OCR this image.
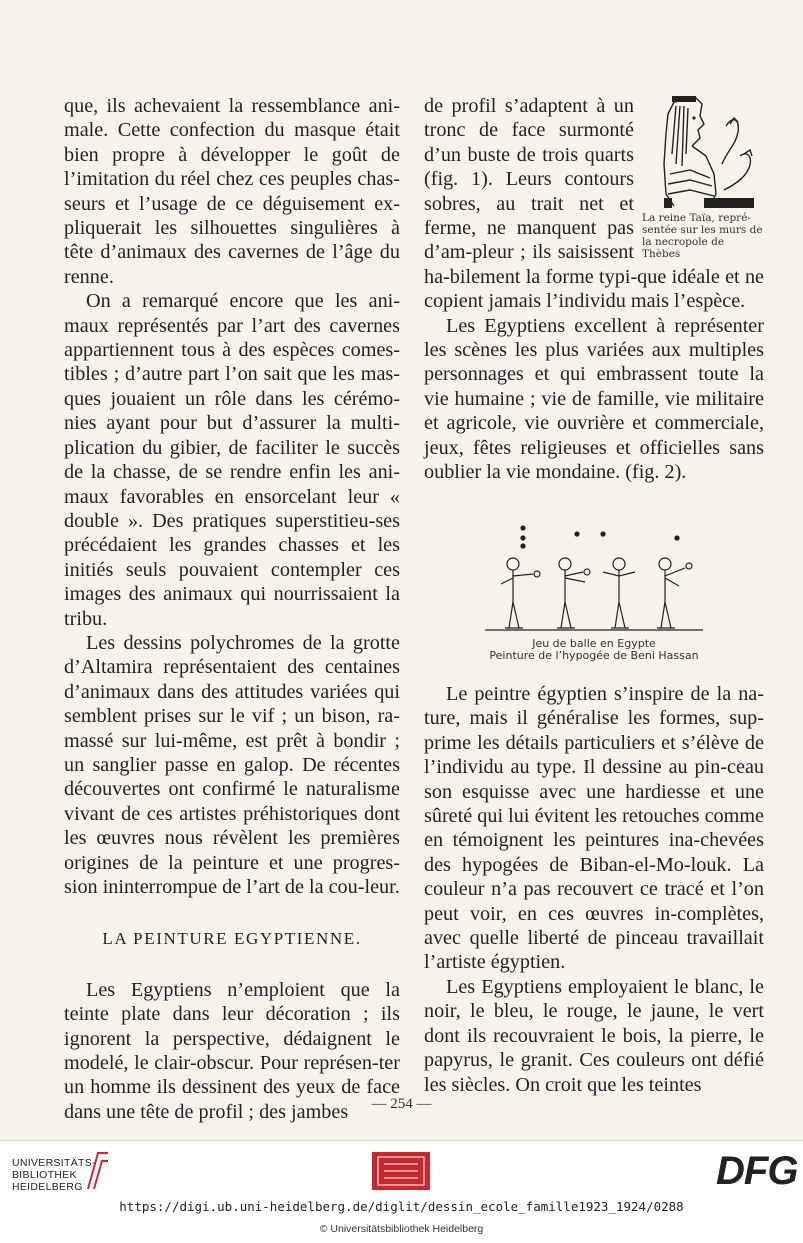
que, ils achevaient la ressemblance ani-male. Cette confection du masque était bien propre à développer le goût de l’imitation du réel chez ces peuples chas-seurs et l’usage de ce déguisement ex-pliquerait les silhouettes singulières à tête d’animaux des cavernes de l’âge du renne.

On a remarqué encore que les ani-maux représentés par l’art des cavernes appartiennent tous à des espèces comes-tibles ; d’autre part l’on sait que les mas-ques jouaient un rôle dans les cérémo-nies ayant pour but d’assurer la multi-plication du gibier, de faciliter le succès de la chasse, de se rendre enfin les ani-maux favorables en ensorcelant leur « double ». Des pratiques superstitieu-ses précédaient les grandes chasses et les initiés seuls pouvaient contempler ces images des animaux qui nourrissaient la tribu.

Les dessins polychromes de la grotte d’Altamira représentaient des centaines d’animaux dans des attitudes variées qui semblent prises sur le vif ; un bison, ra-massé sur lui-même, est prêt à bondir ; un sanglier passe en galop. De récentes découvertes ont confirmé le naturalisme vivant de ces artistes préhistoriques dont les œuvres nous révèlent les premières origines de la peinture et une progres-sion ininterrompue de l’art de la cou-leur.

LA PEINTURE EGYPTIENNE.

Les Egyptiens n’emploient que la teinte plate dans leur décoration ; ils ignorent la perspective, dédaignent le modelé, le clair-obscur. Pour représen-ter un homme ils dessinent des yeux de face dans une tête de profil ; des jambes

La reine Taïa, repré-sentée sur les murs de la necropole de Thèbes

de profil s’adaptent à un tronc de face surmonté d’un buste de trois quarts (fig. 1). Leurs contours sobres, au trait net et ferme, ne manquent pas d’am-pleur ; ils saisissent ha-bilement la forme typi-que idéale et ne copient jamais l’individu mais l’espèce.

Les Egyptiens excellent à représenter les scènes les plus variées aux multiples personnages et qui embrassent toute la vie humaine ; vie de famille, vie militaire et agricole, vie ouvrière et commerciale, jeux, fêtes religieuses et officielles sans oublier la vie mondaine. (fig. 2).

Jeu de balle en Egypte
Peinture de l’hypogée de Beni Hassan

Le peintre égyptien s’inspire de la na-ture, mais il généralise les formes, sup-prime les détails particuliers et s’élève de l’individu au type. Il dessine au pin-ceau son esquisse avec une hardiesse et une sûreté qui lui évitent les retouches comme en témoignent les peintures ina-chevées des hypogées de Biban-el-Mo-louk. La couleur n’a pas recouvert ce tracé et l’on peut voir, en ces œuvres in-complètes, avec quelle liberté de pinceau travaillait l’artiste égyptien.

Les Egyptiens employaient le blanc, le noir, le bleu, le rouge, le jaune, le vert dont ils recouvraient le bois, la pierre, le papyrus, le granit. Ces couleurs ont défié les siècles. On croit que les teintes

— 254 —
UNIVERSITÄTS-
BIBLIOTHEK
HEIDELBERG	DFG
https://digi.ub.uni-heidelberg.de/diglit/dessin_ecole_famille1923_1924/0288
© Universitätsbibliothek Heidelberg
